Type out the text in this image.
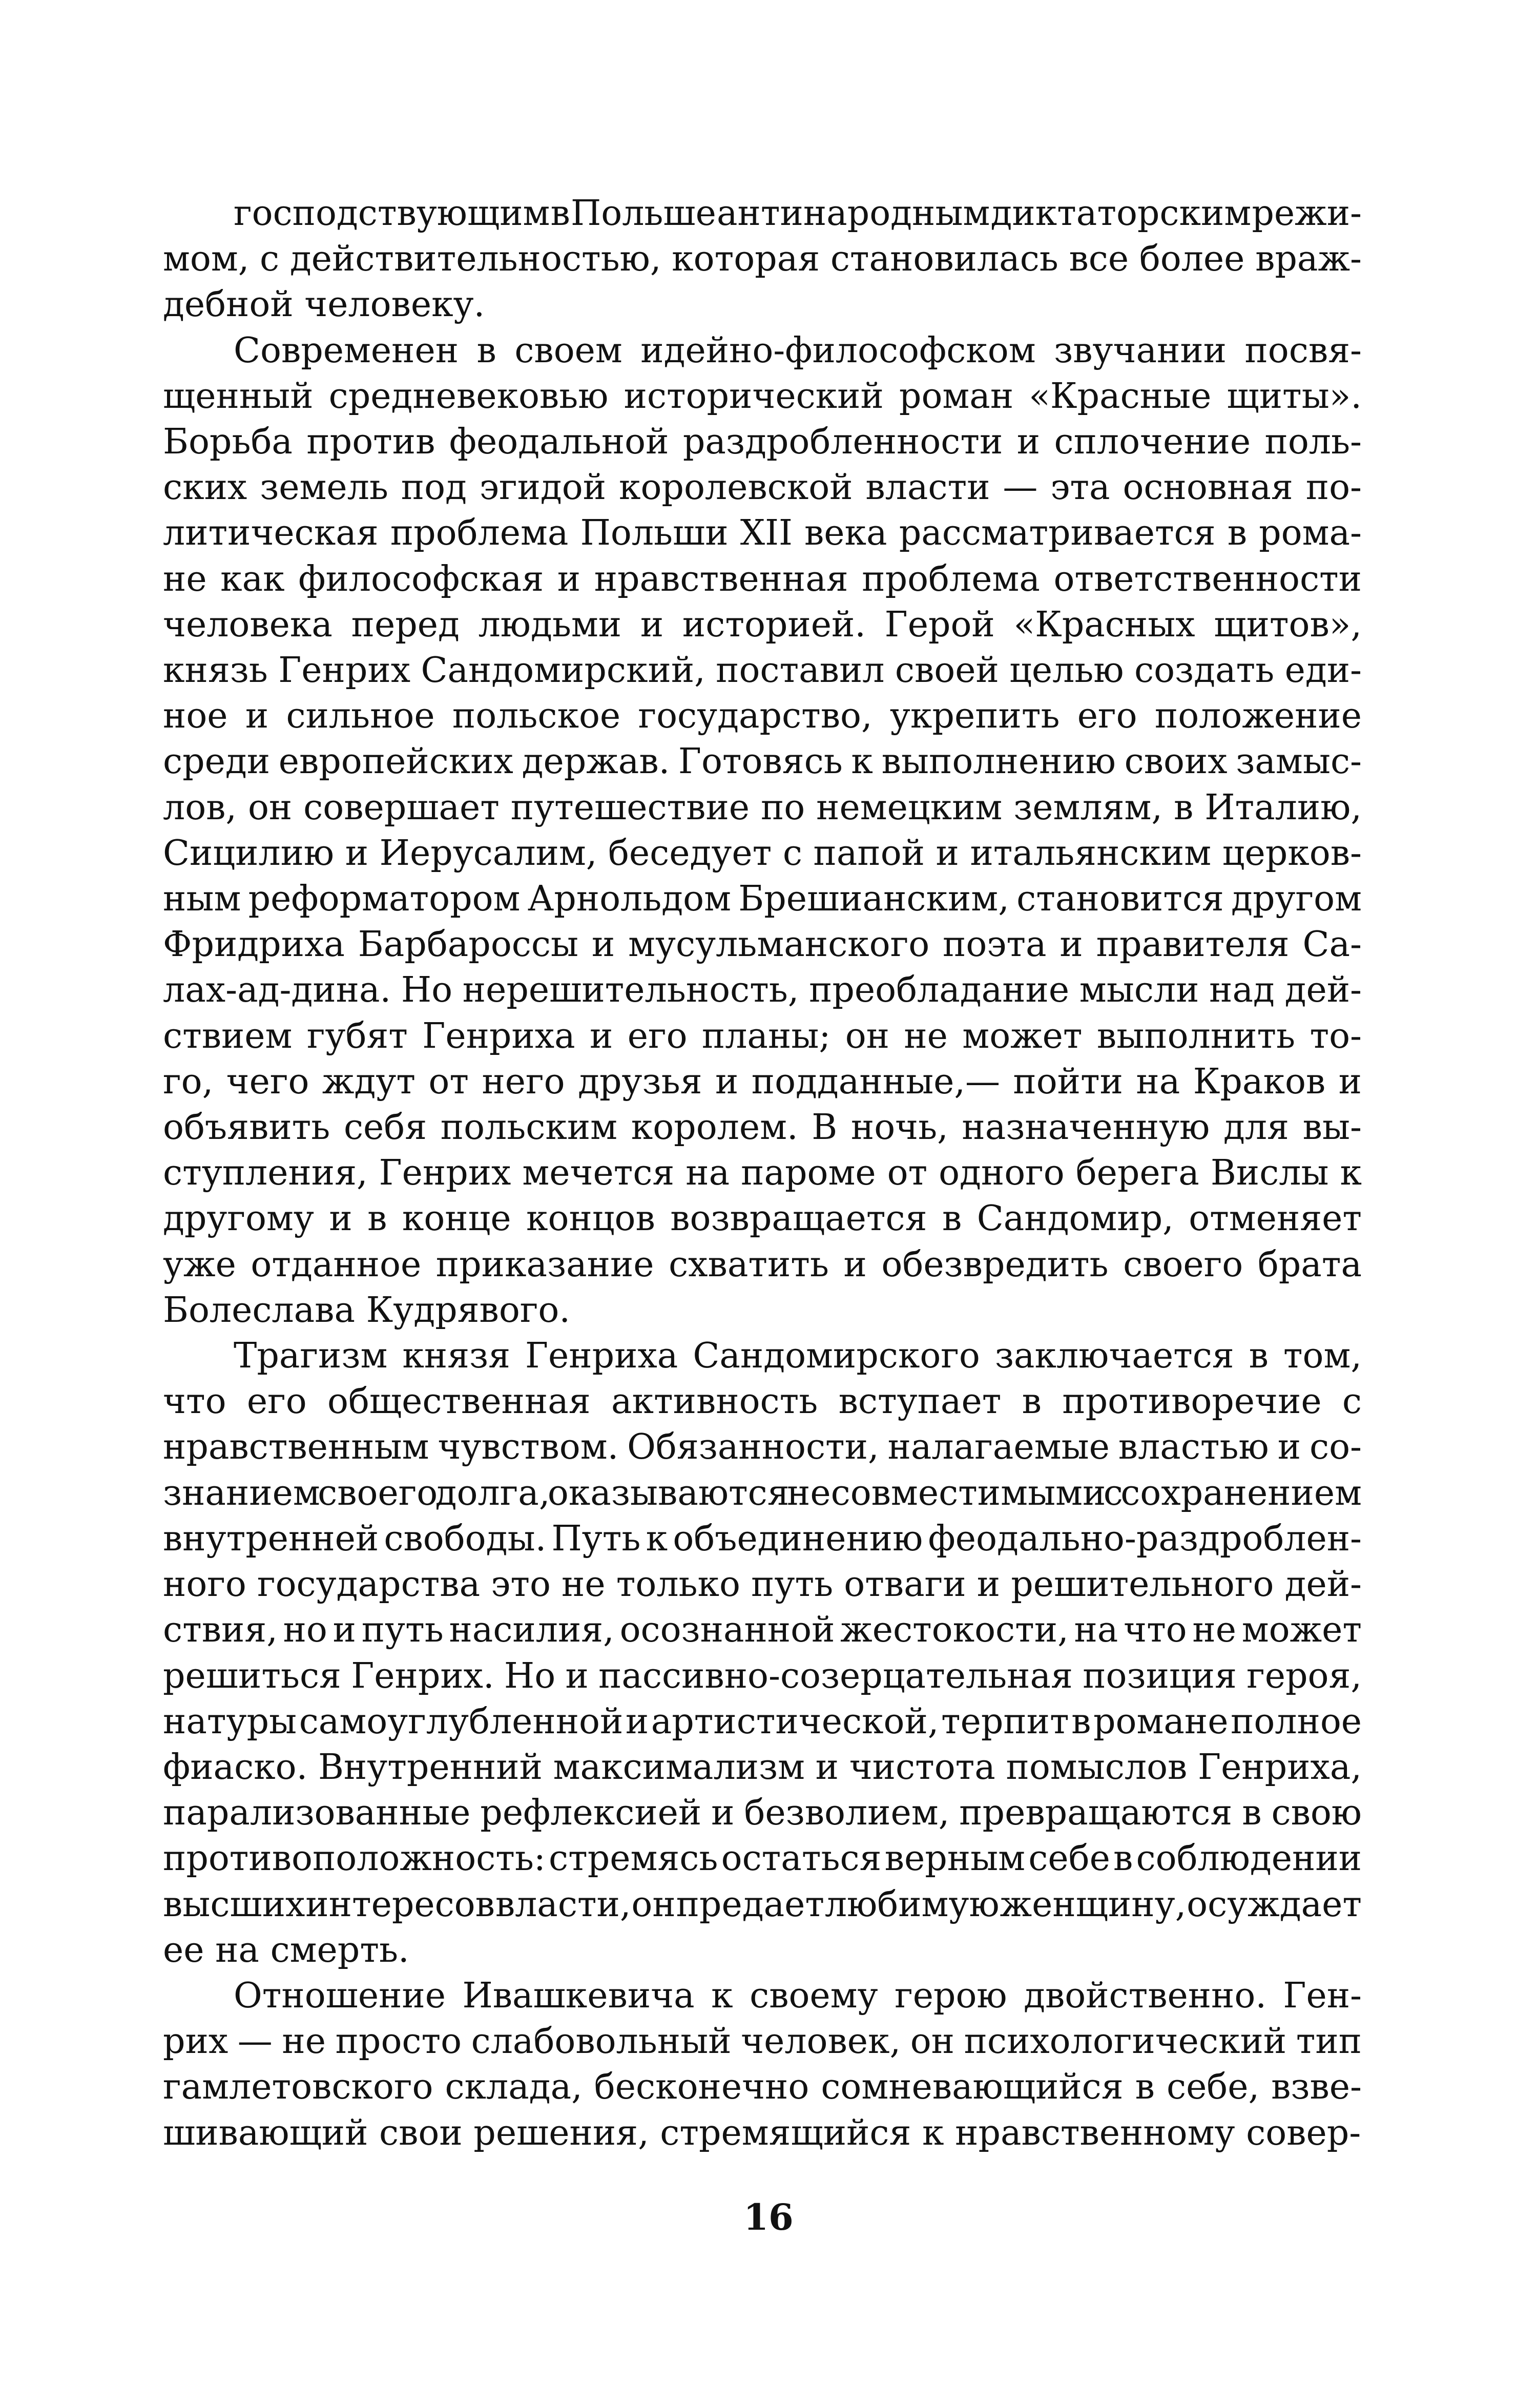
господствующим в Польше антинародным диктаторским режи-
мом, с действительностью, которая становилась все более враж-
дебной человеку.
Современен в своем идейно-философском звучании посвя-
щенный средневековью исторический роман «Красные щиты».
Борьба против феодальной раздробленности и сплочение поль-
ских земель под эгидой королевской власти — эта основная по-
литическая проблема Польши XII века рассматривается в рома-
не как философская и нравственная проблема ответственности
человека перед людьми и историей. Герой «Красных щитов»,
князь Генрих Сандомирский, поставил своей целью создать еди-
ное и сильное польское государство, укрепить его положение
среди европейских держав. Готовясь к выполнению своих замыс-
лов, он совершает путешествие по немецким землям, в Италию,
Сицилию и Иерусалим, беседует с папой и итальянским церков-
ным реформатором Арнольдом Брешианским, становится другом
Фридриха Барбароссы и мусульманского поэта и правителя Са-
лах-ад-дина. Но нерешительность, преобладание мысли над дей-
ствием губят Генриха и его планы; он не может выполнить то-
го, чего ждут от него друзья и подданные,— пойти на Краков и
объявить себя польским королем. В ночь, назначенную для вы-
ступления, Генрих мечется на пароме от одного берега Вислы к
другому и в конце концов возвращается в Сандомир, отменяет
уже отданное приказание схватить и обезвредить своего брата
Болеслава Кудрявого.
Трагизм князя Генриха Сандомирского заключается в том,
что его общественная активность вступает в противоречие с
нравственным чувством. Обязанности, налагаемые властью и со-
знанием своего долга, оказываются несовместимыми с сохранением
внутренней свободы. Путь к объединению феодально-раздроблен-
ного государства это не только путь отваги и решительного дей-
ствия, но и путь насилия, осознанной жестокости, на что не может
решиться Генрих. Но и пассивно-созерцательная позиция героя,
натуры самоуглубленной и артистической, терпит в романе полное
фиаско. Внутренний максимализм и чистота помыслов Генриха,
парализованные рефлексией и безволием, превращаются в свою
противоположность: стремясь остаться верным себе в соблюдении
высших интересов власти, он предает любимую женщину, осуждает
ее на смерть.
Отношение Ивашкевича к своему герою двойственно. Ген-
рих — не просто слабовольный человек, он психологический тип
гамлетовского склада, бесконечно сомневающийся в себе, взве-
шивающий свои решения, стремящийся к нравственному совер-
16
